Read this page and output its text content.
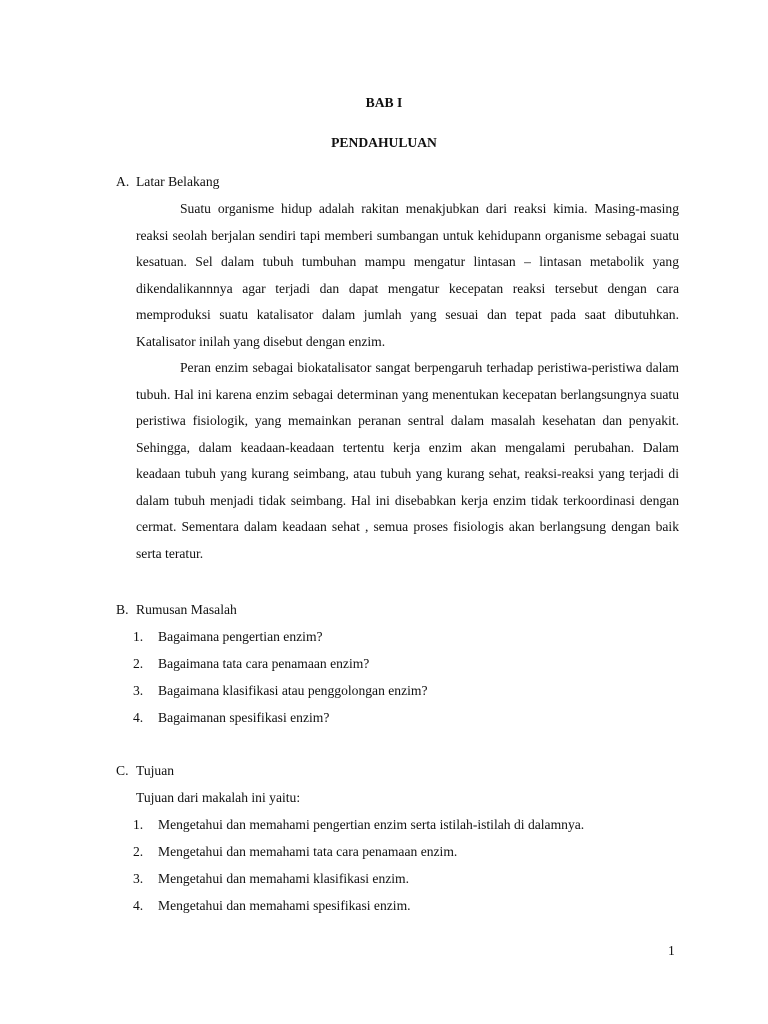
BAB I
PENDAHULUAN
A. Latar Belakang

Suatu organisme hidup adalah rakitan menakjubkan dari reaksi kimia. Masing-masing reaksi seolah berjalan sendiri tapi memberi sumbangan untuk kehidupann organisme sebagai suatu kesatuan. Sel dalam tubuh tumbuhan mampu mengatur lintasan – lintasan metabolik yang dikendalikannnya agar terjadi dan dapat mengatur kecepatan reaksi tersebut dengan cara memproduksi suatu katalisator dalam jumlah yang sesuai dan tepat pada saat dibutuhkan. Katalisator inilah yang disebut dengan enzim.

Peran enzim sebagai biokatalisator sangat berpengaruh terhadap peristiwa-peristiwa dalam tubuh. Hal ini karena enzim sebagai determinan yang menentukan kecepatan berlangsungnya suatu peristiwa fisiologik, yang memainkan peranan sentral dalam masalah kesehatan dan penyakit. Sehingga, dalam keadaan-keadaan tertentu kerja enzim akan mengalami perubahan. Dalam keadaan tubuh yang kurang seimbang, atau tubuh yang kurang sehat, reaksi-reaksi yang terjadi di dalam tubuh menjadi tidak seimbang. Hal ini disebabkan kerja enzim tidak terkoordinasi dengan cermat. Sementara dalam keadaan sehat , semua proses fisiologis akan berlangsung dengan baik serta teratur.

B. Rumusan Masalah
1. Bagaimana pengertian enzim?
2. Bagaimana tata cara penamaan enzim?
3. Bagaimana klasifikasi atau penggolongan enzim?
4. Bagaimanan spesifikasi enzim?
C. Tujuan

Tujuan dari makalah ini yaitu:

1. Mengetahui dan memahami pengertian enzim serta istilah-istilah di dalamnya.
2. Mengetahui dan memahami tata cara penamaan enzim.
3. Mengetahui dan memahami klasifikasi enzim.
4. Mengetahui dan memahami spesifikasi enzim.

1
